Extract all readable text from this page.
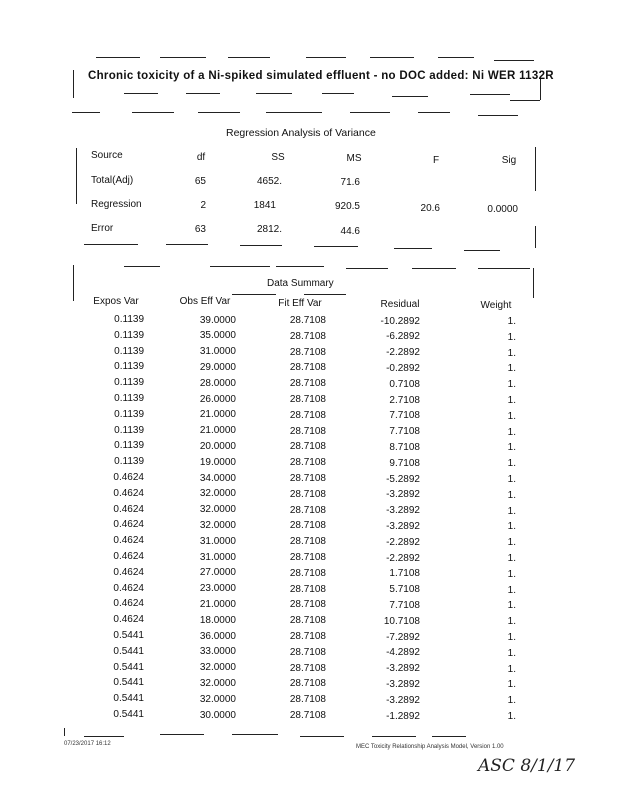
Chronic toxicity of a Ni-spiked simulated effluent - no DOC added: Ni WER 1132R
Regression Analysis of Variance
Source	df	SS	MS	F	Sig
Total(Adj)	65	4652.	71.6
Regression	2	1841	920.5	20.6	0.0000
Error	63	2812.	44.6
Data Summary
Expos Var	Obs Eff Var	Fit Eff Var	Residual	Weight
0.1139	39.0000	28.7108	-10.2892	1.
0.1139	35.0000	28.7108	-6.2892	1.
0.1139	31.0000	28.7108	-2.2892	1.
0.1139	29.0000	28.7108	-0.2892	1.
0.1139	28.0000	28.7108	0.7108	1.
0.1139	26.0000	28.7108	2.7108	1.
0.1139	21.0000	28.7108	7.7108	1.
0.1139	21.0000	28.7108	7.7108	1.
0.1139	20.0000	28.7108	8.7108	1.
0.1139	19.0000	28.7108	9.7108	1.
0.4624	34.0000	28.7108	-5.2892	1.
0.4624	32.0000	28.7108	-3.2892	1.
0.4624	32.0000	28.7108	-3.2892	1.
0.4624	32.0000	28.7108	-3.2892	1.
0.4624	31.0000	28.7108	-2.2892	1.
0.4624	31.0000	28.7108	-2.2892	1.
0.4624	27.0000	28.7108	1.7108	1.
0.4624	23.0000	28.7108	5.7108	1.
0.4624	21.0000	28.7108	7.7108	1.
0.4624	18.0000	28.7108	10.7108	1.
0.5441	36.0000	28.7108	-7.2892	1.
0.5441	33.0000	28.7108	-4.2892	1.
0.5441	32.0000	28.7108	-3.2892	1.
0.5441	32.0000	28.7108	-3.2892	1.
0.5441	32.0000	28.7108	-3.2892	1.
0.5441	30.0000	28.7108	-1.2892	1.
07/23/2017 16:12	MEC Toxicity Relationship Analysis Model, Version 1.00
ASC 8/1/17
